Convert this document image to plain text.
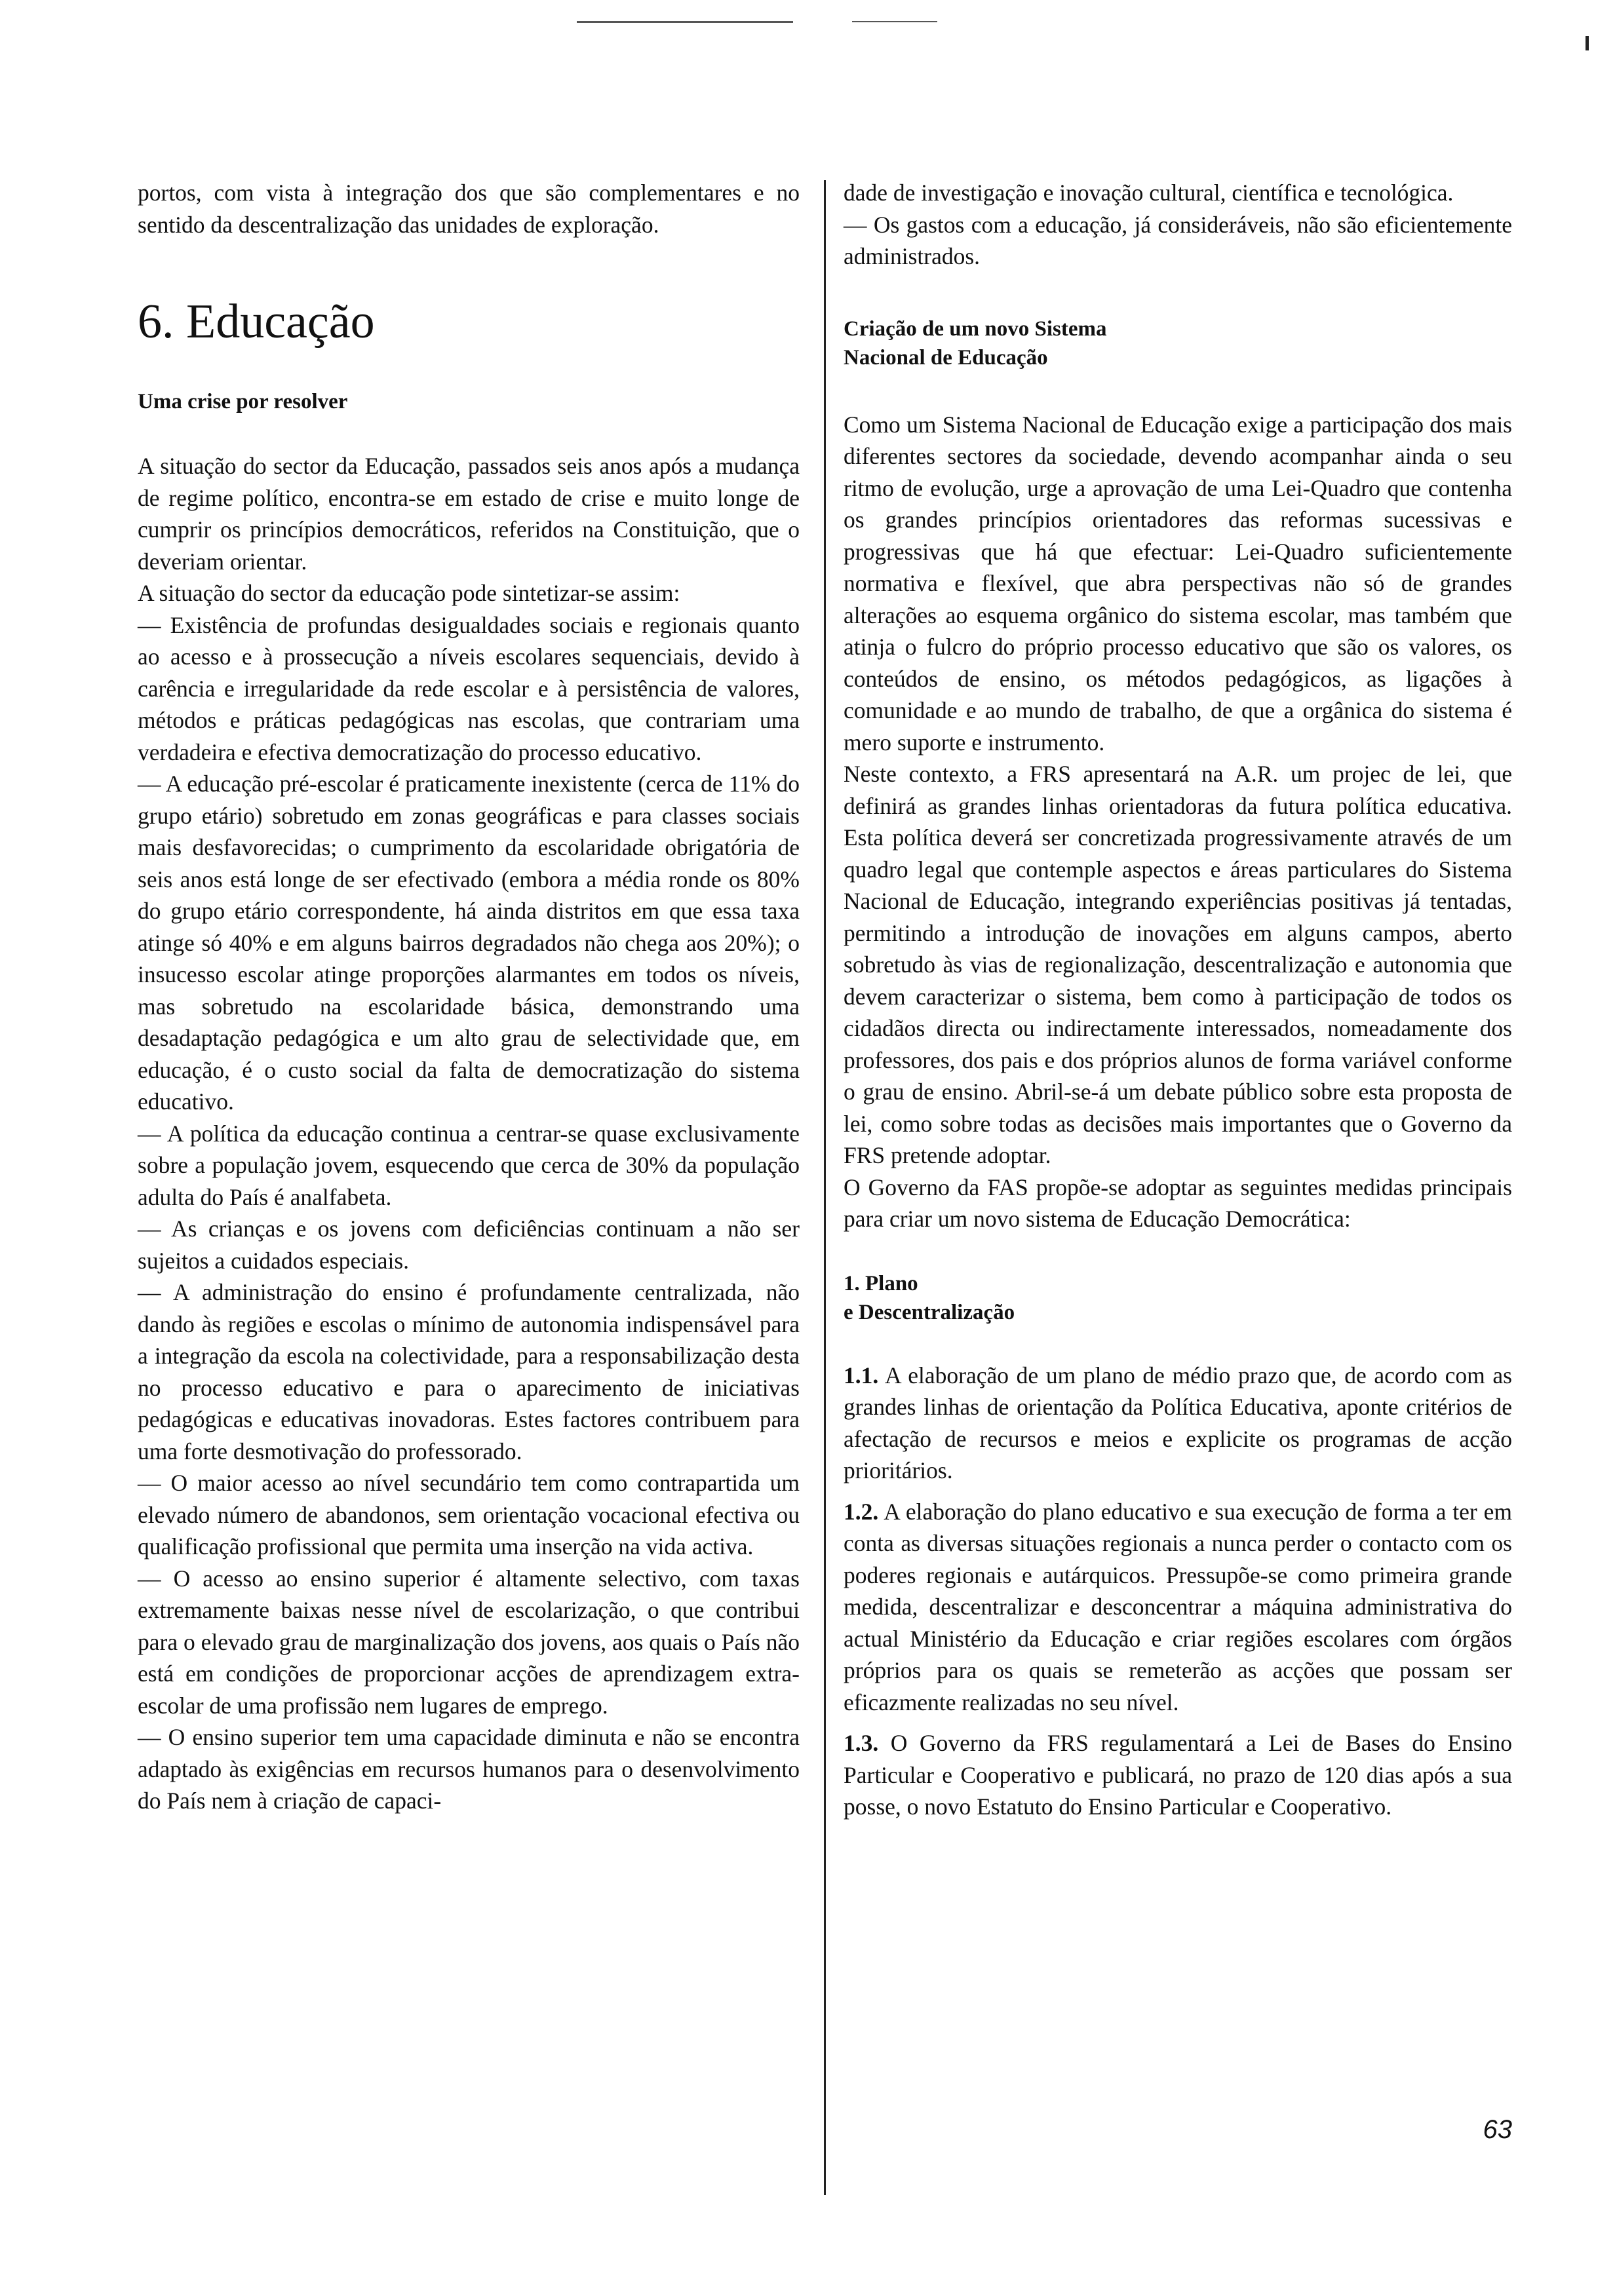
portos, com vista à integração dos que são complementares e no sentido da descentralização das unidades de exploração.

6. Educação

Uma crise por resolver

A situação do sector da Educação, passados seis anos após a mudança de regime político, encontra-se em estado de crise e muito longe de cumprir os princípios democráticos, referidos na Constituição, que o deveriam orientar.

A situação do sector da educação pode sintetizar-se assim:

— Existência de profundas desigualdades sociais e regionais quanto ao acesso e à prossecução a níveis escolares sequenciais, devido à carência e irregularidade da rede escolar e à persistência de valores, métodos e práticas pedagógicas nas escolas, que contrariam uma verdadeira e efectiva democratização do processo educativo.

— A educação pré-escolar é praticamente inexistente (cerca de 11% do grupo etário) sobretudo em zonas geográficas e para classes sociais mais desfavorecidas; o cumprimento da escolaridade obrigatória de seis anos está longe de ser efectivado (embora a média ronde os 80% do grupo etário correspondente, há ainda distritos em que essa taxa atinge só 40% e em alguns bairros degradados não chega aos 20%); o insucesso escolar atinge proporções alarmantes em todos os níveis, mas sobretudo na escolaridade básica, demonstrando uma desadaptação pedagógica e um alto grau de selectividade que, em educação, é o custo social da falta de democratização do sistema educativo.

— A política da educação continua a centrar-se quase exclusivamente sobre a população jovem, esquecendo que cerca de 30% da população adulta do País é analfabeta.

— As crianças e os jovens com deficiências continuam a não ser sujeitos a cuidados especiais.

— A administração do ensino é profundamente centralizada, não dando às regiões e escolas o mínimo de autonomia indispensável para a integração da escola na colectividade, para a responsabilização desta no processo educativo e para o aparecimento de iniciativas pedagógicas e educativas inovadoras. Estes factores contribuem para uma forte desmotivação do professorado.

— O maior acesso ao nível secundário tem como contrapartida um elevado número de abandonos, sem orientação vocacional efectiva ou qualificação profissional que permita uma inserção na vida activa.

— O acesso ao ensino superior é altamente selectivo, com taxas extremamente baixas nesse nível de escolarização, o que contribui para o elevado grau de marginalização dos jovens, aos quais o País não está em condições de proporcionar acções de aprendizagem extra-escolar de uma profissão nem lugares de emprego.

— O ensino superior tem uma capacidade diminuta e não se encontra adaptado às exigências em recursos humanos para o desenvolvimento do País nem à criação de capaci-

dade de investigação e inovação cultural, científica e tecnológica.

— Os gastos com a educação, já consideráveis, não são eficientemente administrados.

Criação de um novo Sistema
Nacional de Educação

Como um Sistema Nacional de Educação exige a participação dos mais diferentes sectores da sociedade, devendo acompanhar ainda o seu ritmo de evolução, urge a aprovação de uma Lei-Quadro que contenha os grandes princípios orientadores das reformas sucessivas e progressivas que há que efectuar: Lei-Quadro suficientemente normativa e flexível, que abra perspectivas não só de grandes alterações ao esquema orgânico do sistema escolar, mas também que atinja o fulcro do próprio processo educativo que são os valores, os conteúdos de ensino, os métodos pedagógicos, as ligações à comunidade e ao mundo de trabalho, de que a orgânica do sistema é mero suporte e instrumento.

Neste contexto, a FRS apresentará na A.R. um projec de lei, que definirá as grandes linhas orientadoras da futura política educativa. Esta política deverá ser concretizada progressivamente através de um quadro legal que contemple aspectos e áreas particulares do Sistema Nacional de Educação, integrando experiências positivas já tentadas, permitindo a introdução de inovações em alguns campos, aberto sobretudo às vias de regionalização, descentralização e autonomia que devem caracterizar o sistema, bem como à participação de todos os cidadãos directa ou indirectamente interessados, nomeadamente dos professores, dos pais e dos próprios alunos de forma variável conforme o grau de ensino. Abril-se-á um debate público sobre esta proposta de lei, como sobre todas as decisões mais importantes que o Governo da FRS pretende adoptar.

O Governo da FAS propõe-se adoptar as seguintes medidas principais para criar um novo sistema de Educação Democrática:

1. Plano
e Descentralização

1.1. A elaboração de um plano de médio prazo que, de acordo com as grandes linhas de orientação da Política Educativa, aponte critérios de afectação de recursos e meios e explicite os programas de acção prioritários.

1.2. A elaboração do plano educativo e sua execução de forma a ter em conta as diversas situações regionais a nunca perder o contacto com os poderes regionais e autárquicos. Pressupõe-se como primeira grande medida, descentralizar e desconcentrar a máquina administrativa do actual Ministério da Educação e criar regiões escolares com órgãos próprios para os quais se remeterão as acções que possam ser eficazmente realizadas no seu nível.

1.3. O Governo da FRS regulamentará a Lei de Bases do Ensino Particular e Cooperativo e publicará, no prazo de 120 dias após a sua posse, o novo Estatuto do Ensino Particular e Cooperativo.

63
